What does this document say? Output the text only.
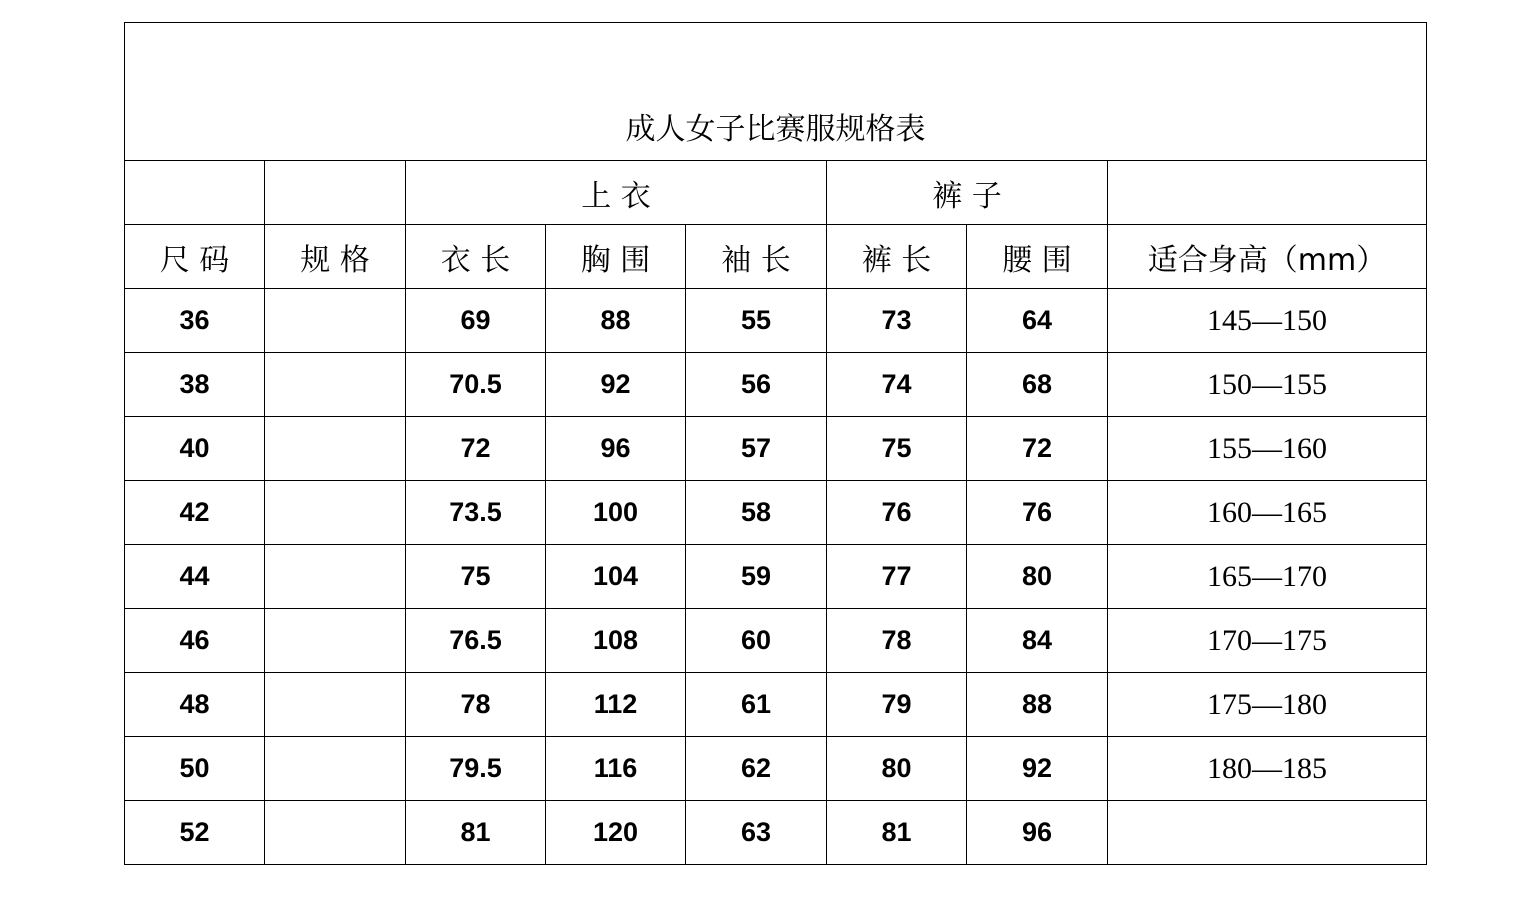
成人女子比赛服规格表							
		上 衣			裤 子		
尺 码	规 格	衣 长	胸 围	袖 长	裤 长	腰 围	适合身高（mm）
36		69	88	55	73	64	145—150
38		70.5	92	56	74	68	150—155
40		72	96	57	75	72	155—160
42		73.5	100	58	76	76	160—165
44		75	104	59	77	80	165—170
46		76.5	108	60	78	84	170—175
48		78	112	61	79	88	175—180
50		79.5	116	62	80	92	180—185
52		81	120	63	81	96	
